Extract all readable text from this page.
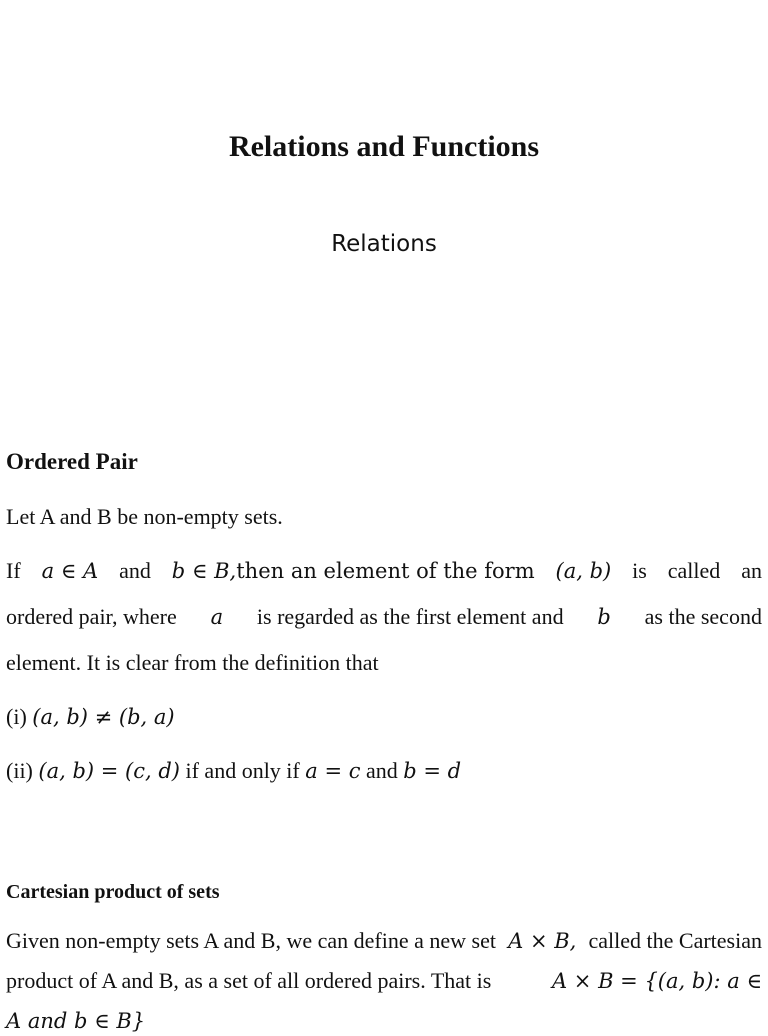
Relations and Functions
Relations
Ordered Pair
Let A and B be non-empty sets.
If a ∈ A and b ∈ B,then an element of the form (a, b) is called an
ordered pair, where a is regarded as the first element and b as the second
element. It is clear from the definition that
(i) (a, b) ≠ (b, a)
(ii) (a, b) = (c, d) if and only if a = c and b = d
Cartesian product of sets
Given non-empty sets A and B, we can define a new set A × B, called the Cartesian
product of A and B, as a set of all ordered pairs. That is	A × B = {(a, b): a ∈
A and b ∈ B}
